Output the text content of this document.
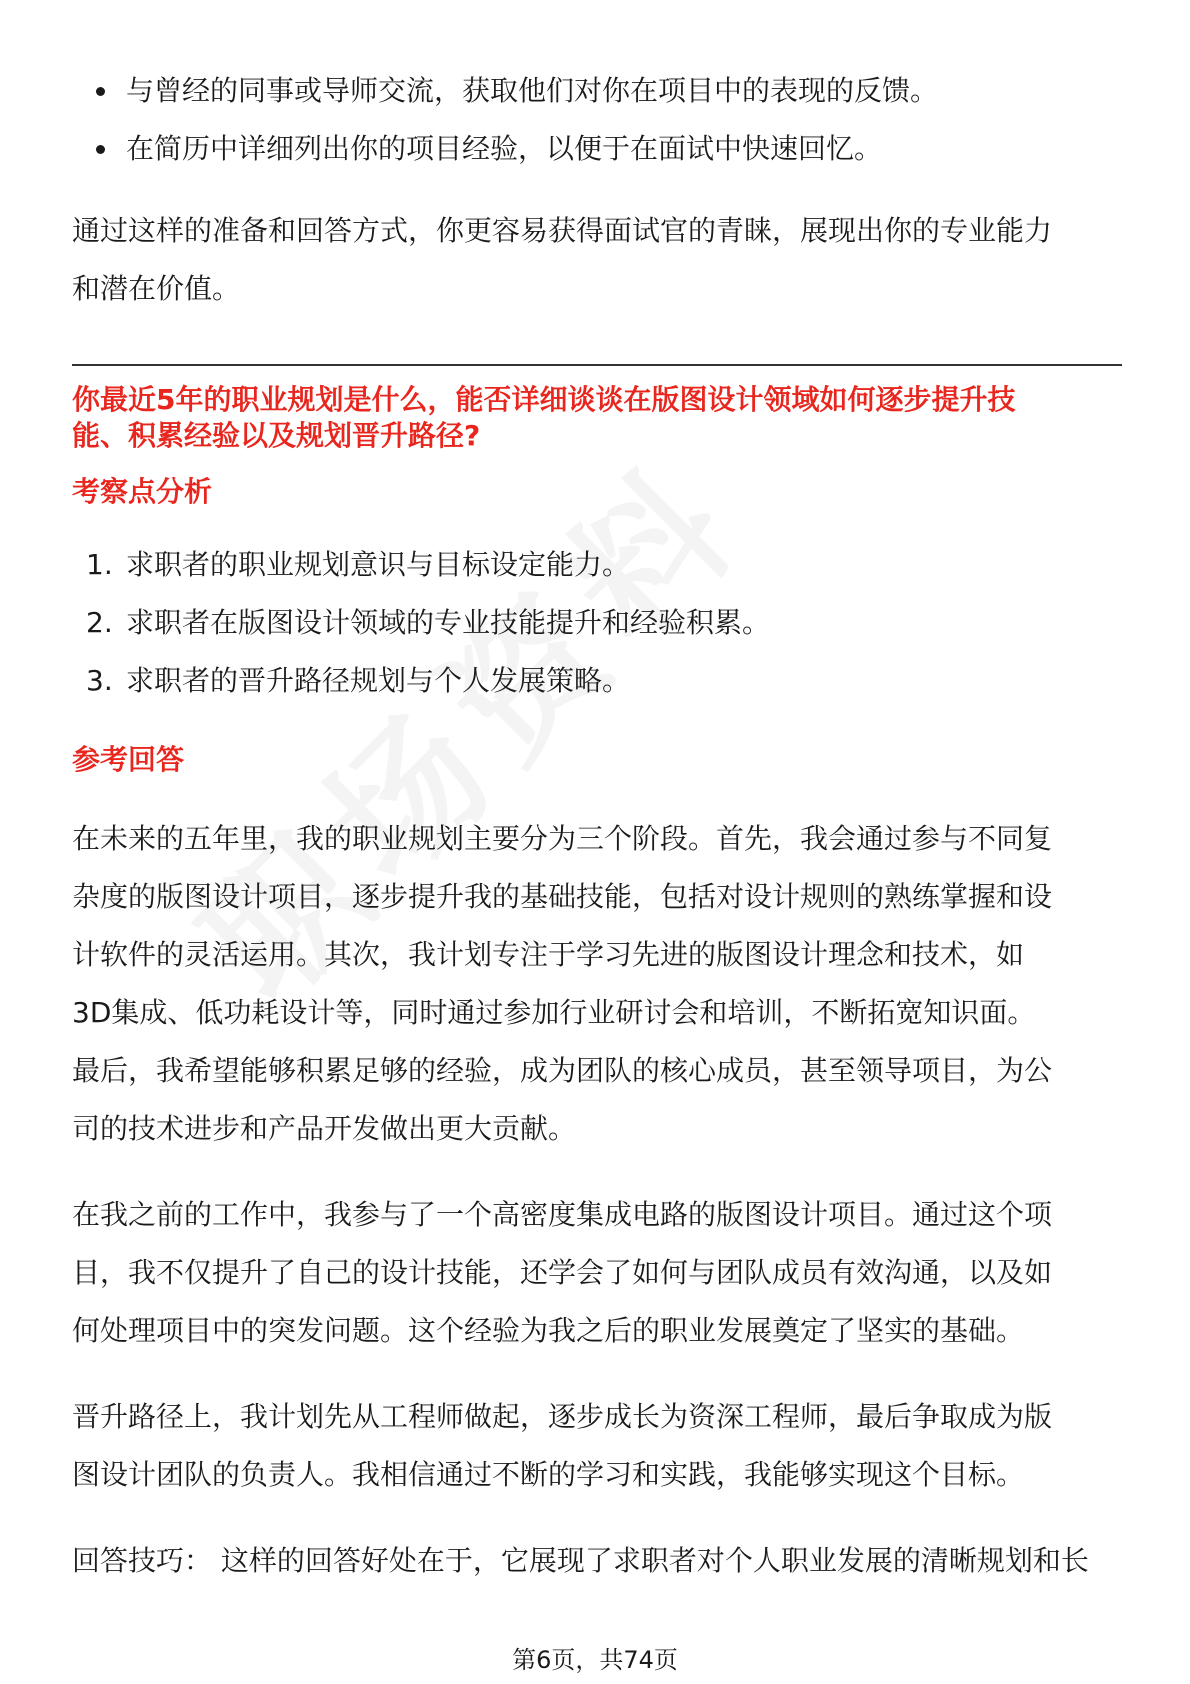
与曾经的同事或导师交流，获取他们对你在项目中的表现的反馈。
在简历中详细列出你的项目经验，以便于在面试中快速回忆。

通过这样的准备和回答方式，你更容易获得面试官的青睐，展现出你的专业能力和潜在价值。

你最近5年的职业规划是什么，能否详细谈谈在版图设计领域如何逐步提升技能、积累经验以及规划晋升路径?

考察点分析

1. 求职者的职业规划意识与目标设定能力。
2. 求职者在版图设计领域的专业技能提升和经验积累。
3. 求职者的晋升路径规划与个人发展策略。

参考回答

在未来的五年里，我的职业规划主要分为三个阶段。首先，我会通过参与不同复杂度的版图设计项目，逐步提升我的基础技能，包括对设计规则的熟练掌握和设计软件的灵活运用。其次，我计划专注于学习先进的版图设计理念和技术，如3D集成、低功耗设计等，同时通过参加行业研讨会和培训，不断拓宽知识面。最后，我希望能够积累足够的经验，成为团队的核心成员，甚至领导项目，为公司的技术进步和产品开发做出更大贡献。

在我之前的工作中，我参与了一个高密度集成电路的版图设计项目。通过这个项目，我不仅提升了自己的设计技能，还学会了如何与团队成员有效沟通，以及如何处理项目中的突发问题。这个经验为我之后的职业发展奠定了坚实的基础。

晋升路径上，我计划先从工程师做起，逐步成长为资深工程师，最后争取成为版图设计团队的负责人。我相信通过不断的学习和实践，我能够实现这个目标。

回答技巧： 这样的回答好处在于，它展现了求职者对个人职业发展的清晰规划和长

第6页，共74页
